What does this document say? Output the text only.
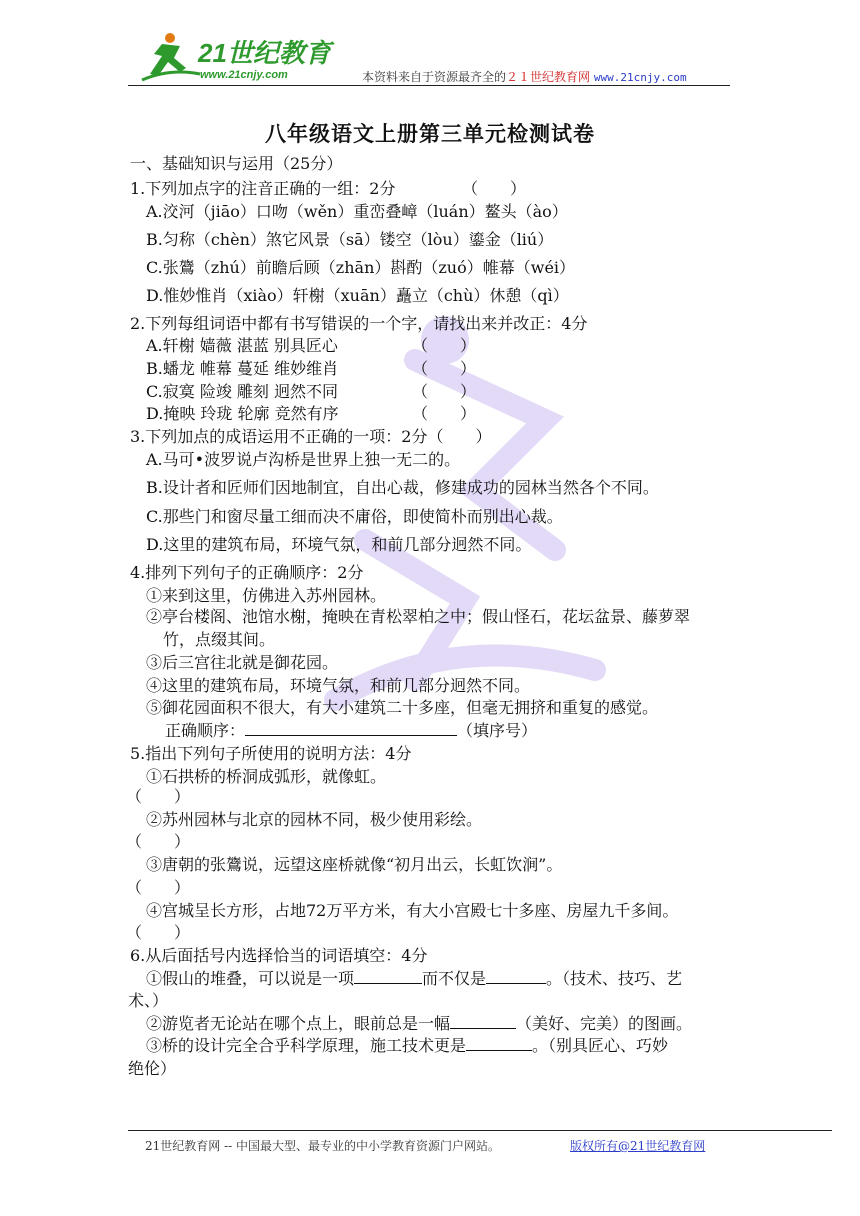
21世纪教育
www.21cnjy.com	本资料来自于资源最齐全的２１世纪教育网 www.21cnjy.com
八年级语文上册第三单元检测试卷
一、基础知识与运用（25分）
1.下列加点字的注音正确的一组：2分	（　　）
A.洨河（jiāo）口吻（wěn）重峦叠嶂（luán）鳌头（ào）
B.匀称（chèn）煞它风景（sā）镂空（lòu）鎏金（liú）
C.张鷟（zhú）前瞻后顾（zhān）斟酌（zuó）帷幕（wéi）
D.惟妙惟肖（xiào）轩榭（xuān）矗立（chù）休憩（qì）
2.下列每组词语中都有书写错误的一个字，请找出来并改正：4分
A.轩榭 嫱薇 湛蓝 别具匠心	（　　）
B.蟠龙 帷幕 蔓延 维妙维肖	（　　）
C.寂寞 险竣 雕刻 迥然不同	（　　）
D.掩映 玲珑 轮廓 竞然有序	（　　）
3.下列加点的成语运用不正确的一项：2分（　　）
A.马可•波罗说卢沟桥是世界上独一无二的。
B.设计者和匠师们因地制宜，自出心裁，修建成功的园林当然各个不同。
C.那些门和窗尽量工细而决不庸俗，即使简朴而别出心裁。
D.这里的建筑布局，环境气氛，和前几部分迥然不同。
4.排列下列句子的正确顺序：2分
①来到这里，仿佛进入苏州园林。
②亭台楼阁、池馆水榭，掩映在青松翠柏之中；假山怪石，花坛盆景、藤萝翠
竹，点缀其间。
③后三宫往北就是御花园。
④这里的建筑布局，环境气氛，和前几部分迥然不同。
⑤御花园面积不很大，有大小建筑二十多座，但毫无拥挤和重复的感觉。
正确顺序：	（填序号）
5.指出下列句子所使用的说明方法：4分
①石拱桥的桥洞成弧形，就像虹。
（　　）
②苏州园林与北京的园林不同，极少使用彩绘。
（　　）
③唐朝的张鷟说，远望这座桥就像“初月出云，长虹饮涧”。
（　　）
④宫城呈长方形，占地72万平方米，有大小宫殿七十多座、房屋九千多间。
（　　）
6.从后面括号内选择恰当的词语填空：4分
①假山的堆叠，可以说是一项	而不仅是	。（技术、技巧、艺
术、）
②游览者无论站在哪个点上，眼前总是一幅	（美好、完美）的图画。
③桥的设计完全合乎科学原理，施工技术更是	。（别具匠心、巧妙
绝伦）
21世纪教育网 -- 中国最大型、最专业的中小学教育资源门户网站。	版权所有@21世纪教育网
